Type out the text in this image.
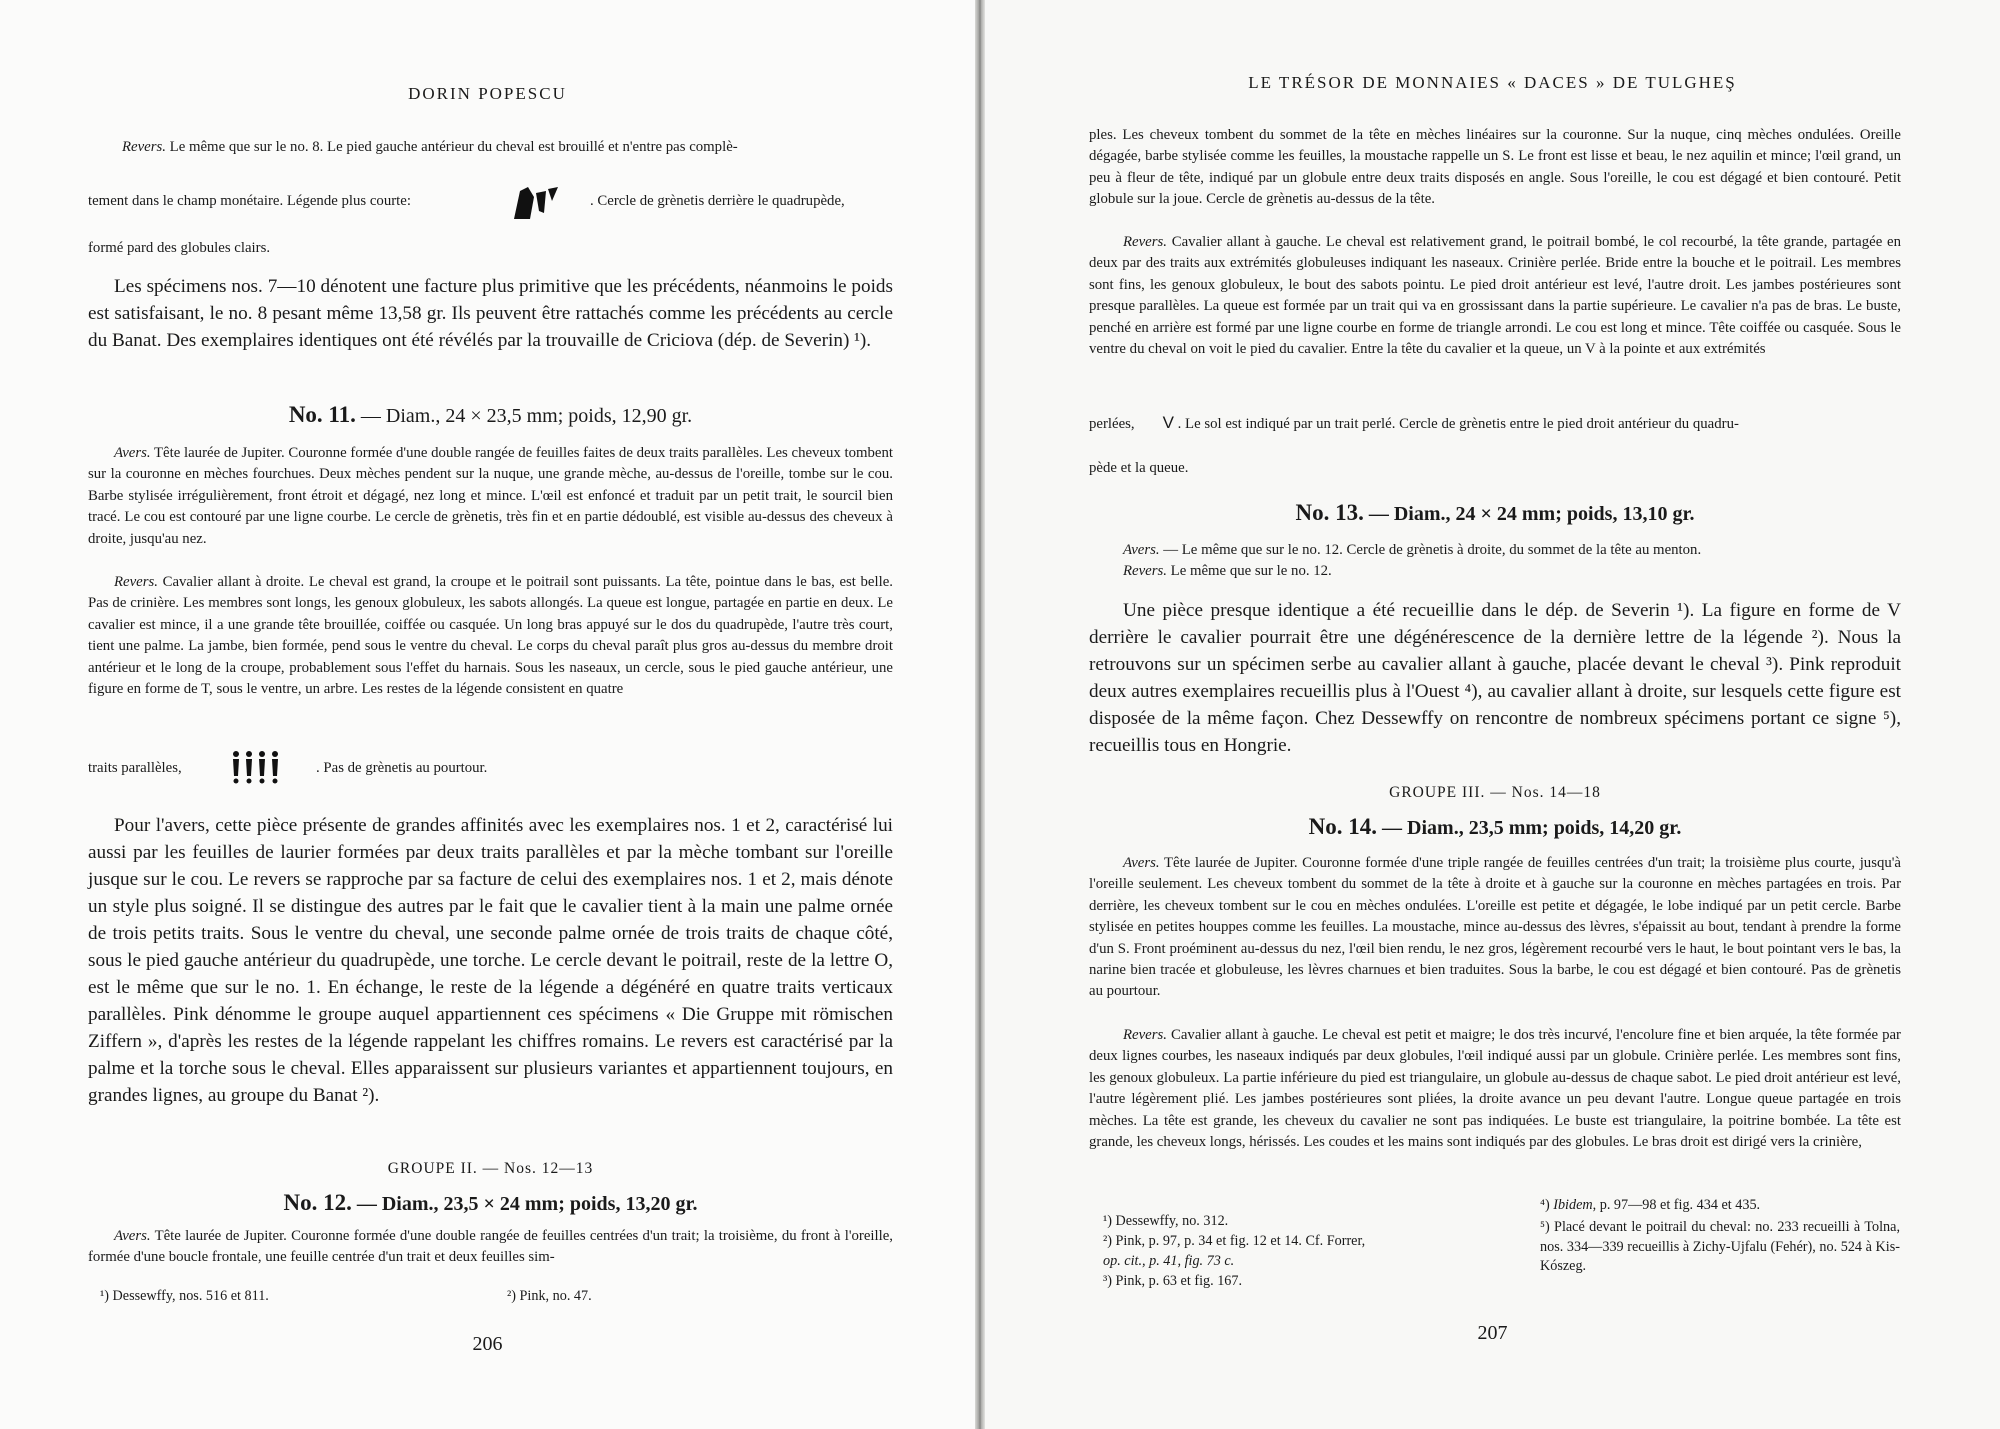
DORIN POPESCU

Revers. Le même que sur le no. 8. Le pied gauche antérieur du cheval est brouillé et n'entre pas complè-

tement dans le champ monétaire. Légende plus courte:	. Cercle de grènetis derrière le quadrupède,

formé pard des globules clairs.

Les spécimens nos. 7—10 dénotent une facture plus primitive que les précédents, néanmoins le poids est satisfaisant, le no. 8 pesant même 13,58 gr. Ils peuvent être rattachés comme les précédents au cercle du Banat. Des exemplaires identiques ont été révélés par la trouvaille de Criciova (dép. de Severin) ¹).

No. 11. — Diam., 24 × 23,5 mm; poids, 12,90 gr.

Avers. Tête laurée de Jupiter. Couronne formée d'une double rangée de feuilles faites de deux traits parallèles. Les cheveux tombent sur la couronne en mèches fourchues. Deux mèches pendent sur la nuque, une grande mèche, au-dessus de l'oreille, tombe sur le cou. Barbe stylisée irrégulièrement, front étroit et dégagé, nez long et mince. L'œil est enfoncé et traduit par un petit trait, le sourcil bien tracé. Le cou est contouré par une ligne courbe. Le cercle de grènetis, très fin et en partie dédoublé, est visible au-dessus des cheveux à droite, jusqu'au nez.

Revers. Cavalier allant à droite. Le cheval est grand, la croupe et le poitrail sont puissants. La tête, pointue dans le bas, est belle. Pas de crinière. Les membres sont longs, les genoux globuleux, les sabots allongés. La queue est longue, partagée en partie en deux. Le cavalier est mince, il a une grande tête brouillée, coiffée ou casquée. Un long bras appuyé sur le dos du quadrupède, l'autre très court, tient une palme. La jambe, bien formée, pend sous le ventre du cheval. Le corps du cheval paraît plus gros au-dessus du membre droit antérieur et le long de la croupe, probablement sous l'effet du harnais. Sous les naseaux, un cercle, sous le pied gauche antérieur, une figure en forme de T, sous le ventre, un arbre. Les restes de la légende consistent en quatre

traits parallèles,	. Pas de grènetis au pourtour.

Pour l'avers, cette pièce présente de grandes affinités avec les exemplaires nos. 1 et 2, caractérisé lui aussi par les feuilles de laurier formées par deux traits parallèles et par la mèche tombant sur l'oreille jusque sur le cou. Le revers se rapproche par sa facture de celui des exemplaires nos. 1 et 2, mais dénote un style plus soigné. Il se distingue des autres par le fait que le cavalier tient à la main une palme ornée de trois petits traits. Sous le ventre du cheval, une seconde palme ornée de trois traits de chaque côté, sous le pied gauche antérieur du quadrupède, une torche. Le cercle devant le poitrail, reste de la lettre O, est le même que sur le no. 1. En échange, le reste de la légende a dégénéré en quatre traits verticaux parallèles. Pink dénomme le groupe auquel appartiennent ces spécimens « Die Gruppe mit römischen Ziffern », d'après les restes de la légende rappelant les chiffres romains. Le revers est caractérisé par la palme et la torche sous le cheval. Elles apparaissent sur plusieurs variantes et appartiennent toujours, en grandes lignes, au groupe du Banat ²).

GROUPE II. — Nos. 12—13
No. 12. — Diam., 23,5 × 24 mm; poids, 13,20 gr.

Avers. Tête laurée de Jupiter. Couronne formée d'une double rangée de feuilles centrées d'un trait; la troisième, du front à l'oreille, formée d'une boucle frontale, une feuille centrée d'un trait et deux feuilles sim-

¹) Dessewffy, nos. 516 et 811.	²) Pink, no. 47.

206
LE TRÉSOR DE MONNAIES « DACES » DE TULGHEŞ

ples. Les cheveux tombent du sommet de la tête en mèches linéaires sur la couronne. Sur la nuque, cinq mèches ondulées. Oreille dégagée, barbe stylisée comme les feuilles, la moustache rappelle un S. Le front est lisse et beau, le nez aquilin et mince; l'œil grand, un peu à fleur de tête, indiqué par un globule entre deux traits disposés en angle. Sous l'oreille, le cou est dégagé et bien contouré. Petit globule sur la joue. Cercle de grènetis au-dessus de la tête.

Revers. Cavalier allant à gauche. Le cheval est relativement grand, le poitrail bombé, le col recourbé, la tête grande, partagée en deux par des traits aux extrémités globuleuses indiquant les naseaux. Crinière perlée. Bride entre la bouche et le poitrail. Les membres sont fins, les genoux globuleux, le bout des sabots pointu. Le pied droit antérieur est levé, l'autre droit. Les jambes postérieures sont presque parallèles. La queue est formée par un trait qui va en grossissant dans la partie supérieure. Le cavalier n'a pas de bras. Le buste, penché en arrière est formé par une ligne courbe en forme de triangle arrondi. Le cou est long et mince. Tête coiffée ou casquée. Sous le ventre du cheval on voit le pied du cavalier. Entre la tête du cavalier et la queue, un V à la pointe et aux extrémités

perlées, V . Le sol est indiqué par un trait perlé. Cercle de grènetis entre le pied droit antérieur du quadru-

pède et la queue.

No. 13. — Diam., 24 × 24 mm; poids, 13,10 gr.

Avers. — Le même que sur le no. 12. Cercle de grènetis à droite, du sommet de la tête au menton.

Revers. Le même que sur le no. 12.

Une pièce presque identique a été recueillie dans le dép. de Severin ¹). La figure en forme de V derrière le cavalier pourrait être une dégénérescence de la dernière lettre de la légende ²). Nous la retrouvons sur un spécimen serbe au cavalier allant à gauche, placée devant le cheval ³). Pink reproduit deux autres exemplaires recueillis plus à l'Ouest ⁴), au cavalier allant à droite, sur lesquels cette figure est disposée de la même façon. Chez Dessewffy on rencontre de nombreux spécimens portant ce signe ⁵), recueillis tous en Hongrie.

GROUPE III. — Nos. 14—18
No. 14. — Diam., 23,5 mm; poids, 14,20 gr.

Avers. Tête laurée de Jupiter. Couronne formée d'une triple rangée de feuilles centrées d'un trait; la troisième plus courte, jusqu'à l'oreille seulement. Les cheveux tombent du sommet de la tête à droite et à gauche sur la couronne en mèches partagées en trois. Par derrière, les cheveux tombent sur le cou en mèches ondulées. L'oreille est petite et dégagée, le lobe indiqué par un petit cercle. Barbe stylisée en petites houppes comme les feuilles. La moustache, mince au-dessus des lèvres, s'épaissit au bout, tendant à prendre la forme d'un S. Front proéminent au-dessus du nez, l'œil bien rendu, le nez gros, légèrement recourbé vers le haut, le bout pointant vers le bas, la narine bien tracée et globuleuse, les lèvres charnues et bien traduites. Sous la barbe, le cou est dégagé et bien contouré. Pas de grènetis au pourtour.

Revers. Cavalier allant à gauche. Le cheval est petit et maigre; le dos très incurvé, l'encolure fine et bien arquée, la tête formée par deux lignes courbes, les naseaux indiqués par deux globules, l'œil indiqué aussi par un globule. Crinière perlée. Les membres sont fins, les genoux globuleux. La partie inférieure du pied est triangulaire, un globule au-dessus de chaque sabot. Le pied droit antérieur est levé, l'autre légèrement plié. Les jambes postérieures sont pliées, la droite avance un peu devant l'autre. Longue queue partagée en trois mèches. La tête est grande, les cheveux du cavalier ne sont pas indiquées. Le buste est triangulaire, la poitrine bombée. La tête est grande, les cheveux longs, hérissés. Les coudes et les mains sont indiqués par des globules. Le bras droit est dirigé vers la crinière,

¹) Dessewffy, no. 312.

²) Pink, p. 97, p. 34 et fig. 12 et 14. Cf. Forrer,

op. cit., p. 41, fig. 73 c.

³) Pink, p. 63 et fig. 167.

⁴) Ibidem, p. 97—98 et fig. 434 et 435.

⁵) Placé devant le poitrail du cheval: no. 233 recueilli à Tolna, nos. 334—339 recueillis à Zichy-Ujfalu (Fehér), no. 524 à Kis-Kószeg.

207
